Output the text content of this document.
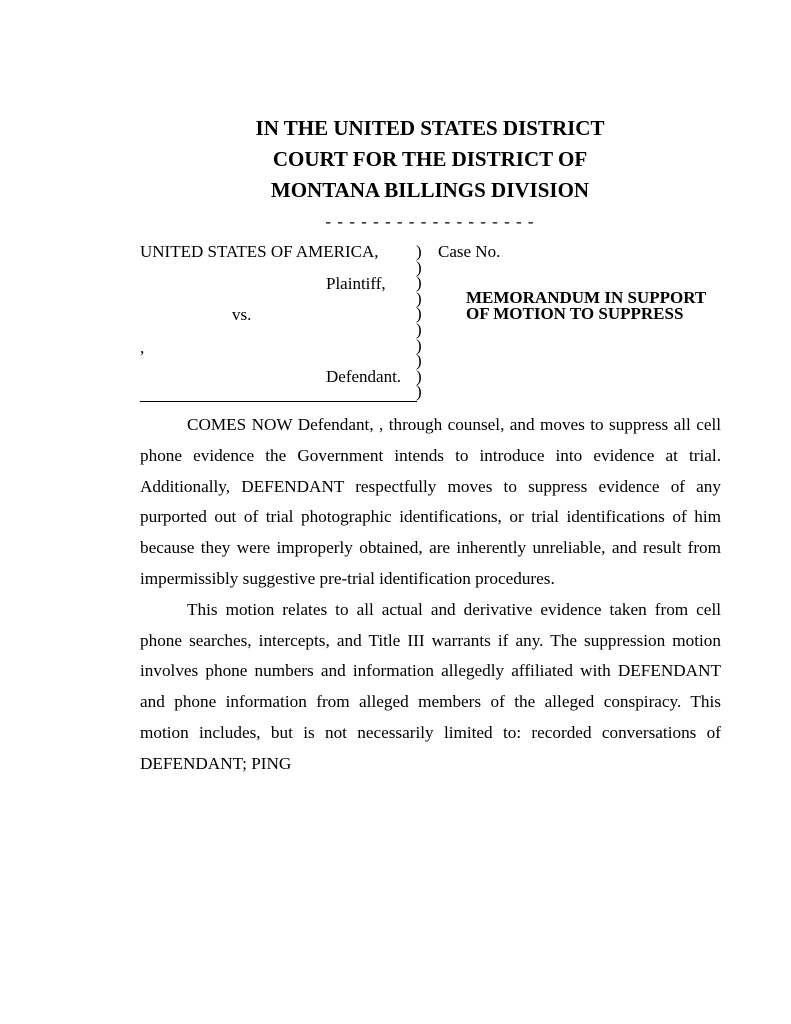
IN THE UNITED STATES DISTRICT
COURT FOR THE DISTRICT OF
MONTANA BILLINGS DIVISION
- - - - - - - - - - - - - - - - - -
UNITED STATES OF AMERICA,
Plaintiff,
vs.
,
Defendant.
)
)
)
)
)
)
)
)
)
)
Case No.
MEMORANDUM IN SUPPORT
OF MOTION TO SUPPRESS

COMES NOW Defendant, , through counsel, and moves to suppress all cell phone evidence the Government intends to introduce into evidence at trial. Additionally, DEFENDANT respectfully moves to suppress evidence of any purported out of trial photographic identifications, or trial identifications of him because they were improperly obtained, are inherently unreliable, and result from impermissibly suggestive pre-trial identification procedures.

This motion relates to all actual and derivative evidence taken from cell phone searches, intercepts, and Title III warrants if any. The suppression motion involves phone numbers and information allegedly affiliated with DEFENDANT and phone information from alleged members of the alleged conspiracy. This motion includes, but is not necessarily limited to: recorded conversations of DEFENDANT; PING
